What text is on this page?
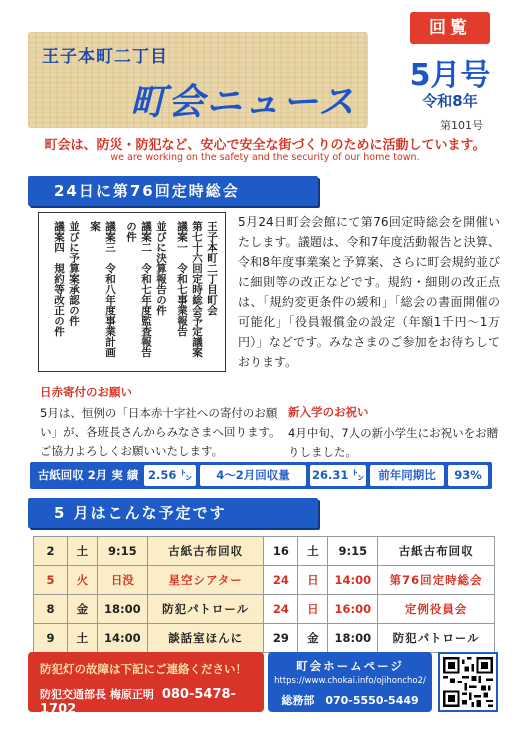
王子本町二丁目
町会ニュース
回覧
5月号
令和8年
第101号
町会は、防災・防犯など、安心で安全な街づくりのために活動しています。
we are working on the safety and the security of our home town.
24日に第76回定時総会
王子本町二丁目町会
第七十六回定時総会予定議案
議案一　令和七事業報告
並びに決算報告の件
議案二　令和七年度監査報告の件
議案三　令和八年度事業計画案
並びに予算案承認の件
議案四　規約等改正の件	5月24日町会会館にて第76回定時総会を開催いたします。議題は、令和7年度活動報告と決算、令和8年度事業案と予算案、さらに町会規約並びに細則等の改正などです。規約・細則の改正点は、「規約変更条件の緩和」「総会の書面開催の可能化」「役員報償金の設定（年額1千円～1万円）」などです。みなさまのご参加をお待ちしております。
日赤寄付のお願い
5月は、恒例の「日本赤十字社への寄付のお願い」が、各班長さんからみなさまへ回ります。ご協力よろしくお願いいたします。
新入学のお祝い
4月中旬、7人の新小学生にお祝いをお贈りしました。
古紙回収 2月 実 績 2.56 ㌧	4～2月回収量	26.31 ㌧	前年同期比	93%
5 月はこんな予定です
2	土	9:15	古紙古布回収	16	土	9:15	古紙古布回収
5	火	日没	星空シアター	24	日	14:00	第76回定時総会
8	金	18:00	防犯パトロール	24	日	16:00	定例役員会
9	土	14:00	談話室ほんに	29	金	18:00	防犯パトロール
防犯灯の故障は下記にご連絡ください！
防犯交通部長 梅原正明 080-5478-1702
町会ホームページ
https://www.chokai.info/ojihoncho2/
総務部　070-5550-5449
